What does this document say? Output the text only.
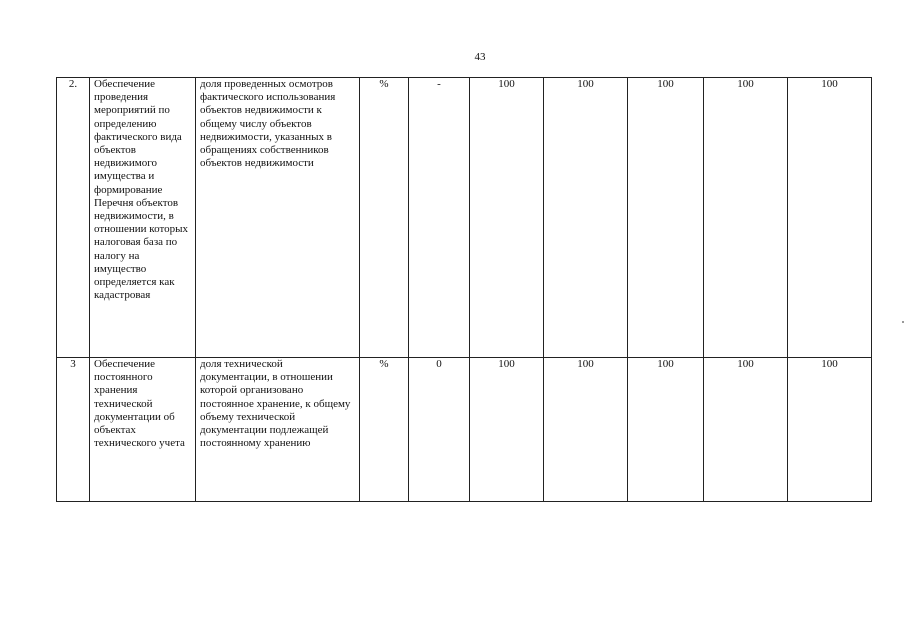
43
2.	Обеспечение проведения мероприятий по определению фактического вида объектов недвижимого имущества и формирование Перечня объектов недвижимости, в отношении которых налоговая база по налогу на имущество определяется как кадастровая	доля проведенных осмотров фактического использования объектов недвижимости к общему числу объектов недвижимости, указанных в обращениях собственников объектов недвижимости	%	-	100	100	100	100	100
3	Обеспечение постоянного хранения технической документации об объектах технического учета	доля технической документации, в отношении которой организовано постоянное хранение, к общему объему технической документации подлежащей постоянному хранению	%	0	100	100	100	100	100
